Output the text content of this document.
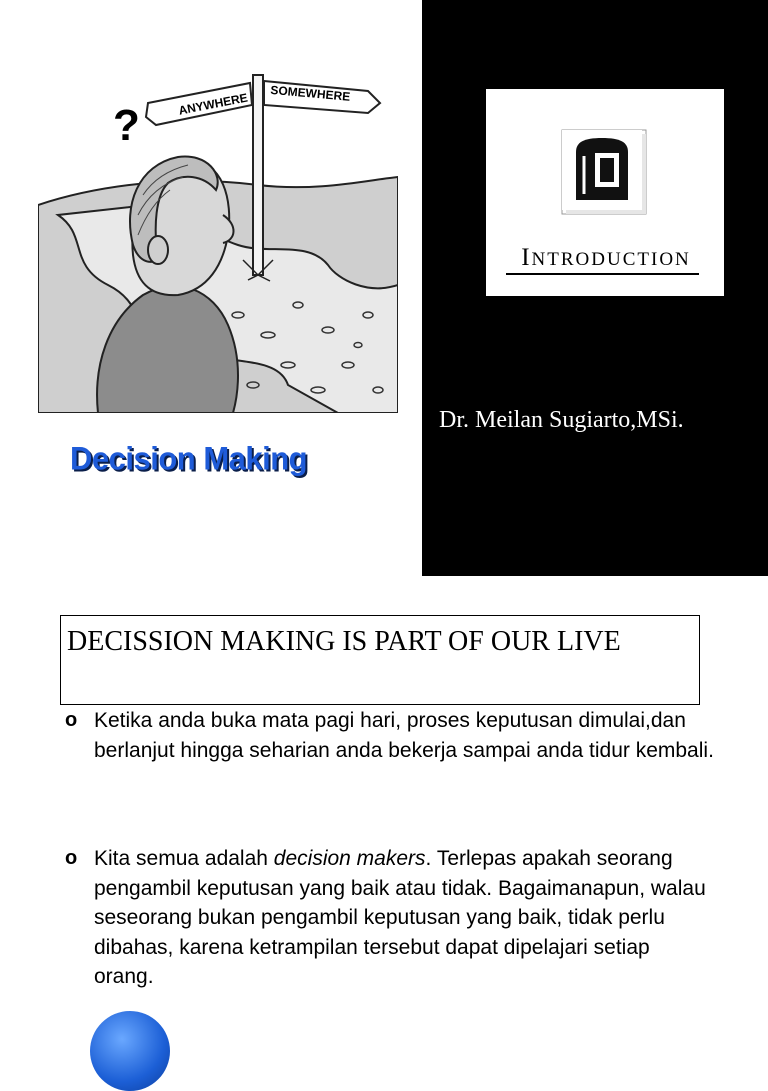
ANYWHERE SOMEWHERE
?
Decision Making
INTRODUCTION
Dr. Meilan Sugiarto,MSi.
DECISSION MAKING IS PART OF OUR LIVE
o Ketika anda buka mata pagi hari, proses keputusan dimulai,dan berlanjut hingga seharian anda bekerja sampai anda tidur kembali.
o Kita semua adalah decision makers. Terlepas apakah seorang pengambil keputusan yang baik atau tidak. Bagaimanapun, walau seseorang bukan pengambil keputusan yang baik, tidak perlu dibahas, karena ketrampilan tersebut dapat dipelajari setiap orang.
